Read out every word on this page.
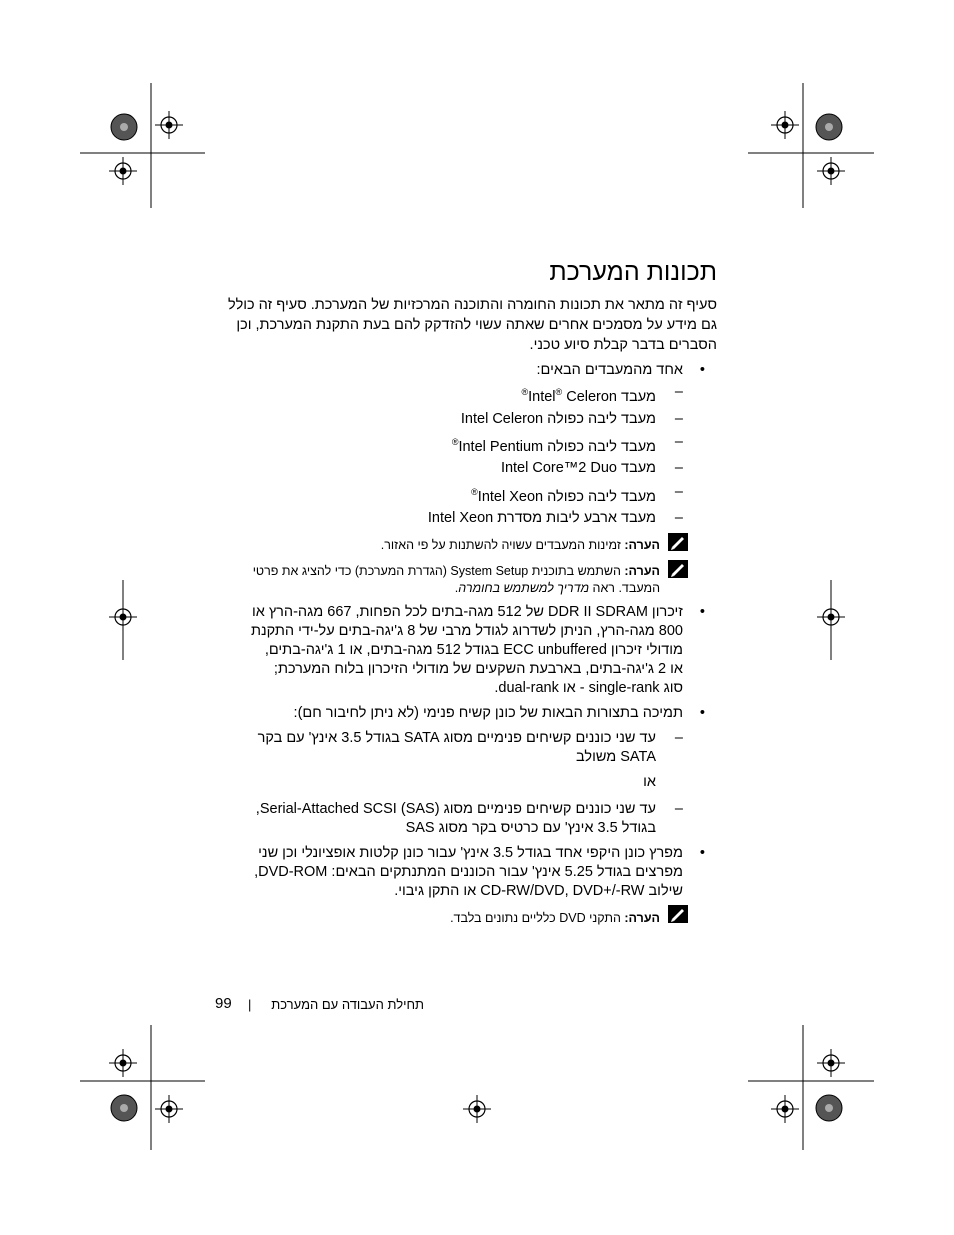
תכונות המערכת
סעיף זה מתאר את תכונות החומרה והתוכנה המרכזיות של המערכת. סעיף זה כולל גם מידע על מסמכים אחרים שאתה עשוי להזדקק להם בעת התקנת המערכת, וכן הסברים בדבר קבלת סיוע טכני.
•
אחד מהמעבדים הבאים:
–
מעבד Intel® Celeron®
–
מעבד ליבה כפולה Intel Celeron
–
מעבד ליבה כפולה Intel Pentium®
–
מעבד Intel Core™2 Duo
–
מעבד ליבה כפולה Intel Xeon®
–
מעבד ארבע ליבות מסדרת Intel Xeon
הערה: זמינות המעבדים עשויה להשתנות על פי האזור.
הערה: השתמש בתוכנית System Setup (הגדרת המערכת) כדי להציג את פרטי
המעבד. ראה מדריך למשתמש בחומרה.
•
זיכרון DDR II SDRAM של 512 מגה-בתים לכל הפחות, 667 מגה-הרץ או
800 מגה-הרץ, הניתן לשדרוג לגודל מרבי של 8 ג'יגה-בתים על-ידי התקנת
מודולי זיכרון ECC unbuffered בגודל 512 מגה-בתים, או 1 ג'יגה-בתים,
או 2 ג'יגה-בתים, בארבעת השקעים של מודולי הזיכרון בלוח המערכת;
סוג single-rank - או dual-rank.
•
תמיכה בתצורות הבאות של כונן קשיח פנימי (לא ניתן לחיבור חם):
–
עד שני כוננים קשיחים פנימיים מסוג SATA בגודל 3.5 אינץ' עם בקר
SATA משולב
או
–
עד שני כוננים קשיחים פנימיים מסוג Serial-Attached SCSI (SAS),
בגודל 3.5 אינץ' עם כרטיס בקר מסוג SAS
•
מפרץ כונן היקפי אחד בגודל 3.5 אינץ' עבור כונן קלטות אופציונלי וכן שני
מפרצים בגודל 5.25 אינץ' עבור הכוננים המתנתקים הבאים: DVD-ROM,
שילוב CD-RW/DVD, DVD+/-RW או התקן גיבוי.
הערה: התקני DVD כלליים נתונים בלבד.
תחילת העבודה עם המערכת
|
99
